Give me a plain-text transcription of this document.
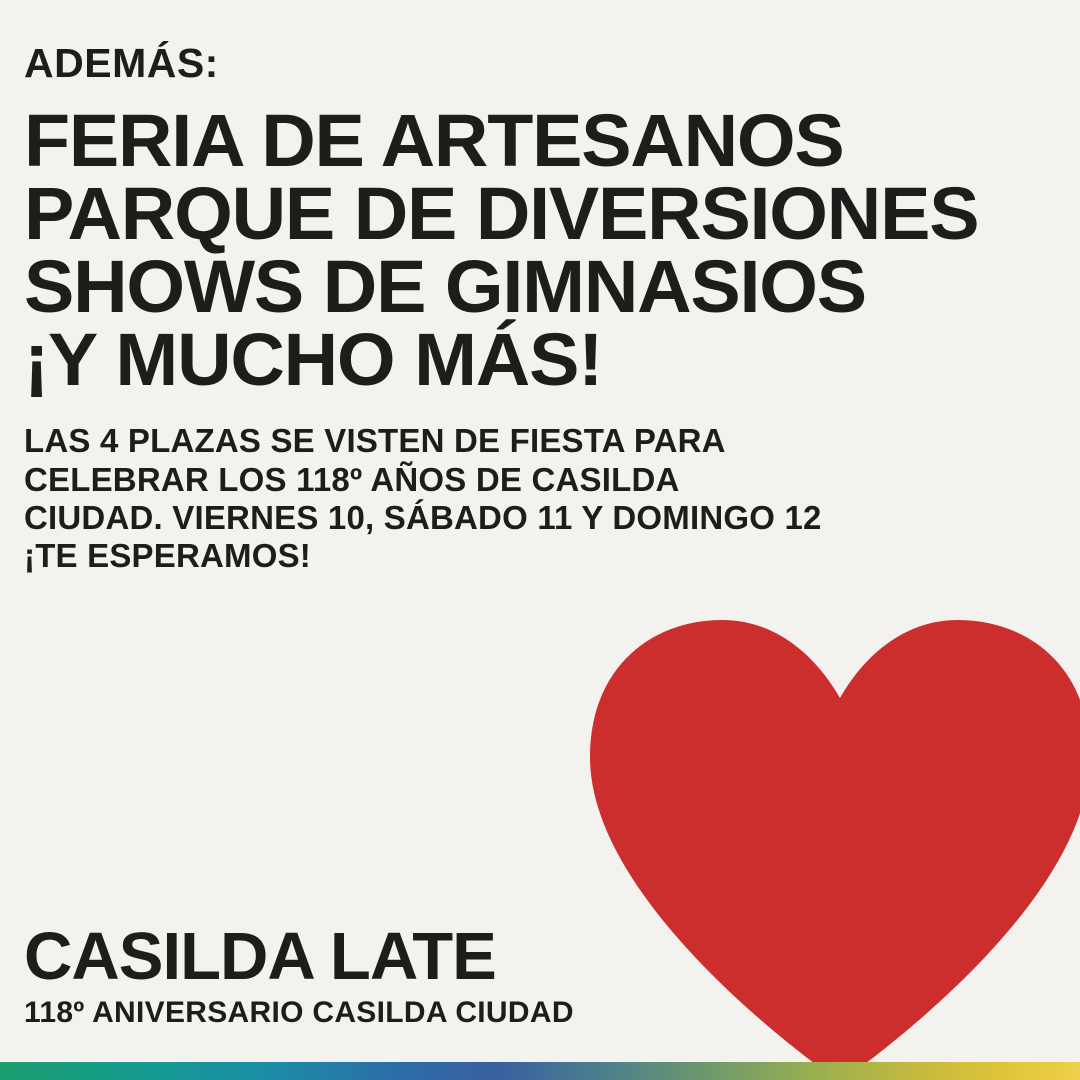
ADEMÁS:
FERIA DE ARTESANOS
PARQUE DE DIVERSIONES
SHOWS DE GIMNASIOS
¡Y MUCHO MÁS!
LAS 4 PLAZAS SE VISTEN DE FIESTA PARA
CELEBRAR LOS 118º AÑOS DE CASILDA
CIUDAD. VIERNES 10, SÁBADO 11 Y DOMINGO 12
¡TE ESPERAMOS!
CASILDA LATE
118º ANIVERSARIO CASILDA CIUDAD
